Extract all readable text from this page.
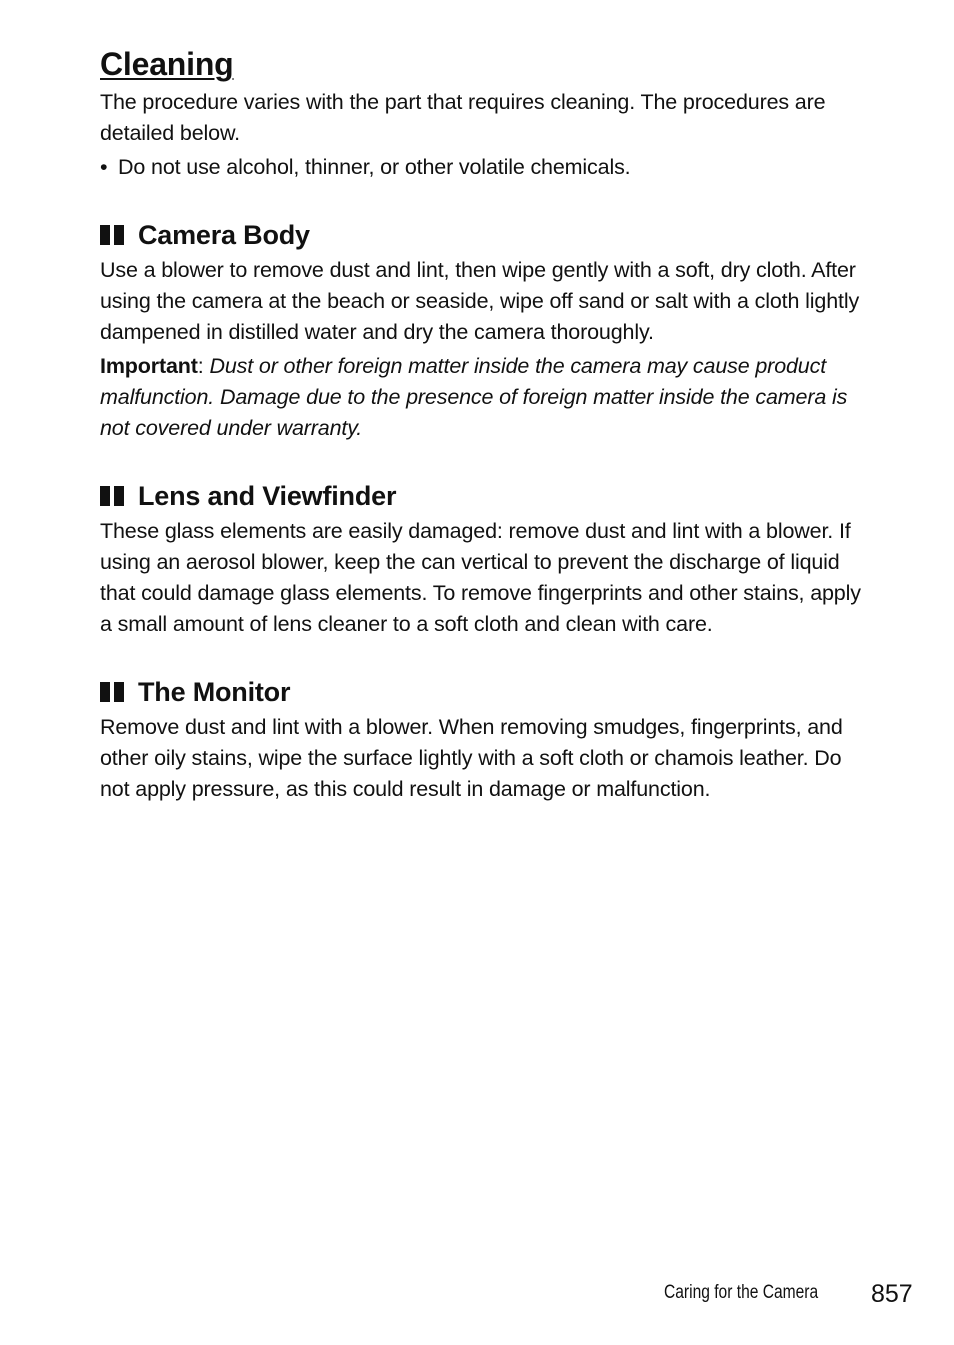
Cleaning

The procedure varies with the part that requires cleaning. The procedures are detailed below.

• Do not use alcohol, thinner, or other volatile chemicals.

Camera Body

Use a blower to remove dust and lint, then wipe gently with a soft, dry cloth. After using the camera at the beach or seaside, wipe off sand or salt with a cloth lightly dampened in distilled water and dry the camera thoroughly.

Important: Dust or other foreign matter inside the camera may cause product malfunction. Damage due to the presence of foreign matter inside the camera is not covered under warranty.

Lens and Viewfinder

These glass elements are easily damaged: remove dust and lint with a blower. If using an aerosol blower, keep the can vertical to prevent the discharge of liquid that could damage glass elements. To remove fingerprints and other stains, apply a small amount of lens cleaner to a soft cloth and clean with care.

The Monitor

Remove dust and lint with a blower. When removing smudges, fingerprints, and other oily stains, wipe the surface lightly with a soft cloth or chamois leather. Do not apply pressure, as this could result in damage or malfunction.

Caring for the Camera 857
